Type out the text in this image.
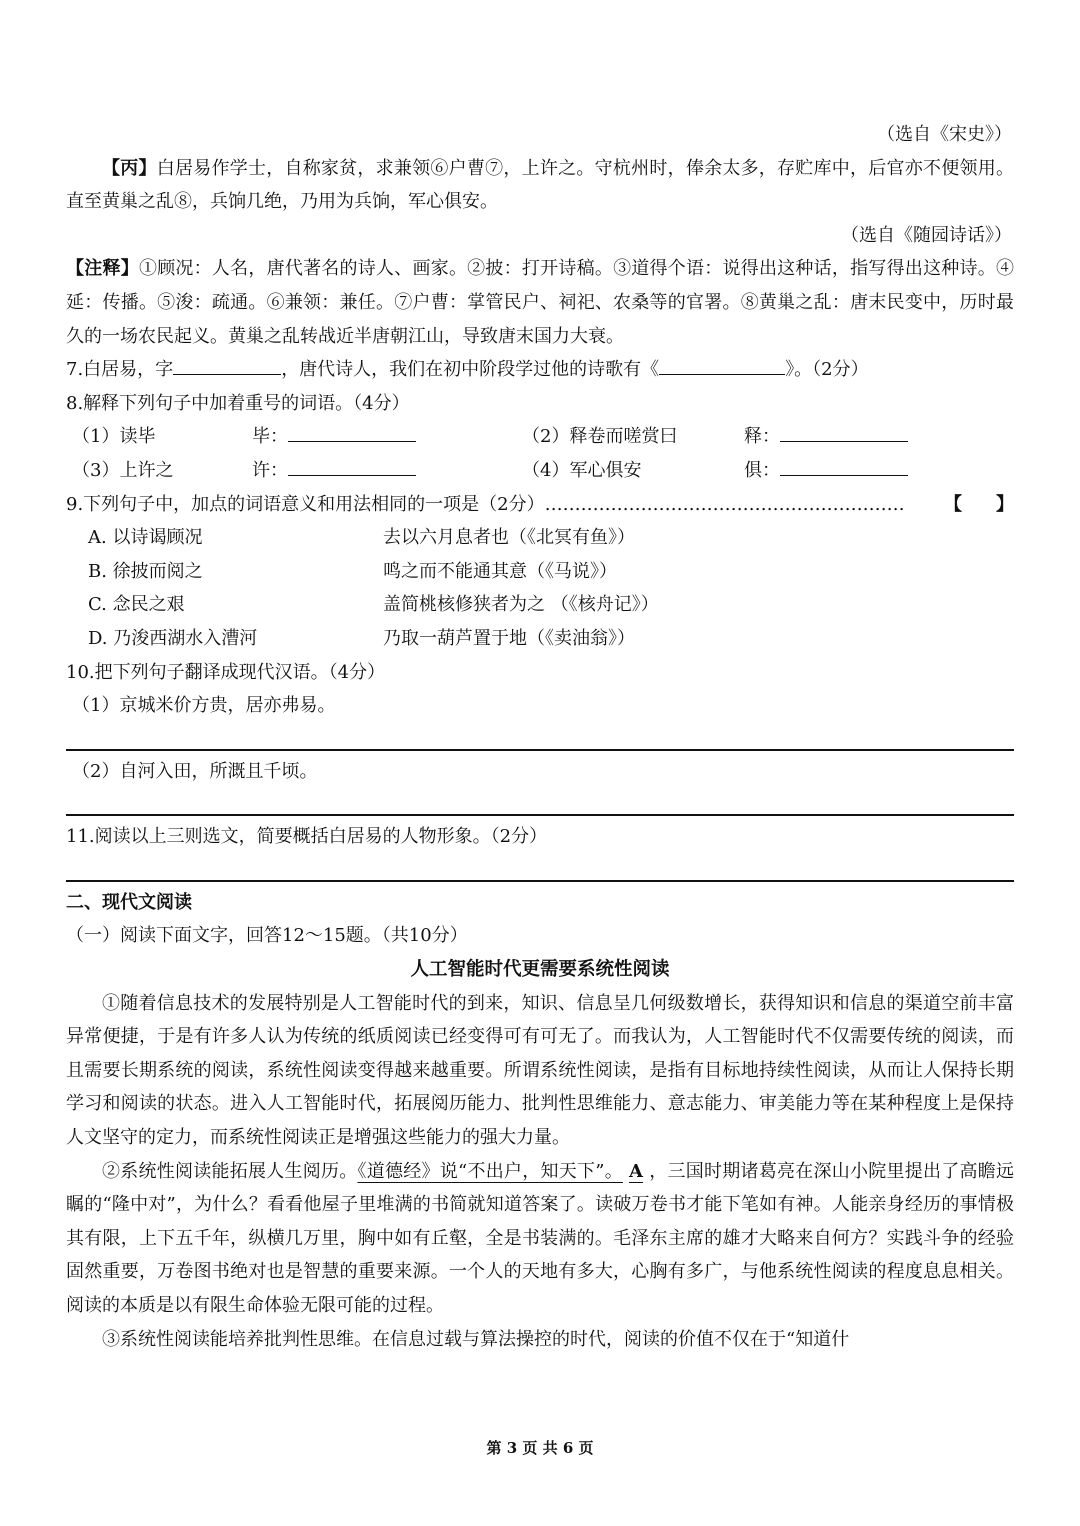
（选自《宋史》）
【丙】白居易作学士，自称家贫，求兼领⑥户曹⑦，上许之。守杭州时，俸余太多，存贮库中，后官亦不便领用。直至黄巢之乱⑧，兵饷几绝，乃用为兵饷，军心俱安。
（选自《随园诗话》）
【注释】①顾况：人名，唐代著名的诗人、画家。②披：打开诗稿。③道得个语：说得出这种话，指写得出这种诗。④延：传播。⑤浚：疏通。⑥兼领：兼任。⑦户曹：掌管民户、祠祀、农桑等的官署。⑧黄巢之乱：唐末民变中，历时最久的一场农民起义。黄巢之乱转战近半唐朝江山，导致唐末国力大衰。
7.白居易，字	，唐代诗人，我们在初中阶段学过他的诗歌有《	》。（2分）
8.解释下列句子中加着重号的词语。（4分）
（1）读毕	毕：	（2）释卷而嗟赏曰	释：
（3）上许之	许：	（4）军心俱安	俱：
9.下列句子中，加点的词语意义和用法相同的一项是（2分）……………………………………………………	【 】
A. 以诗谒顾况	去以六月息者也（《北冥有鱼》）
B. 徐披而阅之	鸣之而不能通其意（《马说》）
C. 念民之艰	盖简桃核修狭者为之 （《核舟记》）
D. 乃浚西湖水入漕河	乃取一葫芦置于地（《卖油翁》）
10.把下列句子翻译成现代汉语。（4分）
（1）京城米价方贵，居亦弗易。
（2）自河入田，所溉且千顷。
11.阅读以上三则选文，简要概括白居易的人物形象。（2分）
二、现代文阅读
（一）阅读下面文字，回答12～15题。（共10分）
人工智能时代更需要系统性阅读
①随着信息技术的发展特别是人工智能时代的到来，知识、信息呈几何级数增长，获得知识和信息的渠道空前丰富异常便捷，于是有许多人认为传统的纸质阅读已经变得可有可无了。而我认为，人工智能时代不仅需要传统的阅读，而且需要长期系统的阅读，系统性阅读变得越来越重要。所谓系统性阅读，是指有目标地持续性阅读，从而让人保持长期学习和阅读的状态。进入人工智能时代，拓展阅历能力、批判性思维能力、意志能力、审美能力等在某种程度上是保持人文坚守的定力，而系统性阅读正是增强这些能力的强大力量。
②系统性阅读能拓展人生阅历。《道德经》说“不出户，知天下”。 A ，三国时期诸葛亮在深山小院里提出了高瞻远瞩的“隆中对”，为什么？看看他屋子里堆满的书简就知道答案了。读破万卷书才能下笔如有神。人能亲身经历的事情极其有限，上下五千年，纵横几万里，胸中如有丘壑，全是书装满的。毛泽东主席的雄才大略来自何方？实践斗争的经验固然重要，万卷图书绝对也是智慧的重要来源。一个人的天地有多大，心胸有多广，与他系统性阅读的程度息息相关。阅读的本质是以有限生命体验无限可能的过程。
③系统性阅读能培养批判性思维。在信息过载与算法操控的时代，阅读的价值不仅在于“知道什
第 3 页 共 6 页
